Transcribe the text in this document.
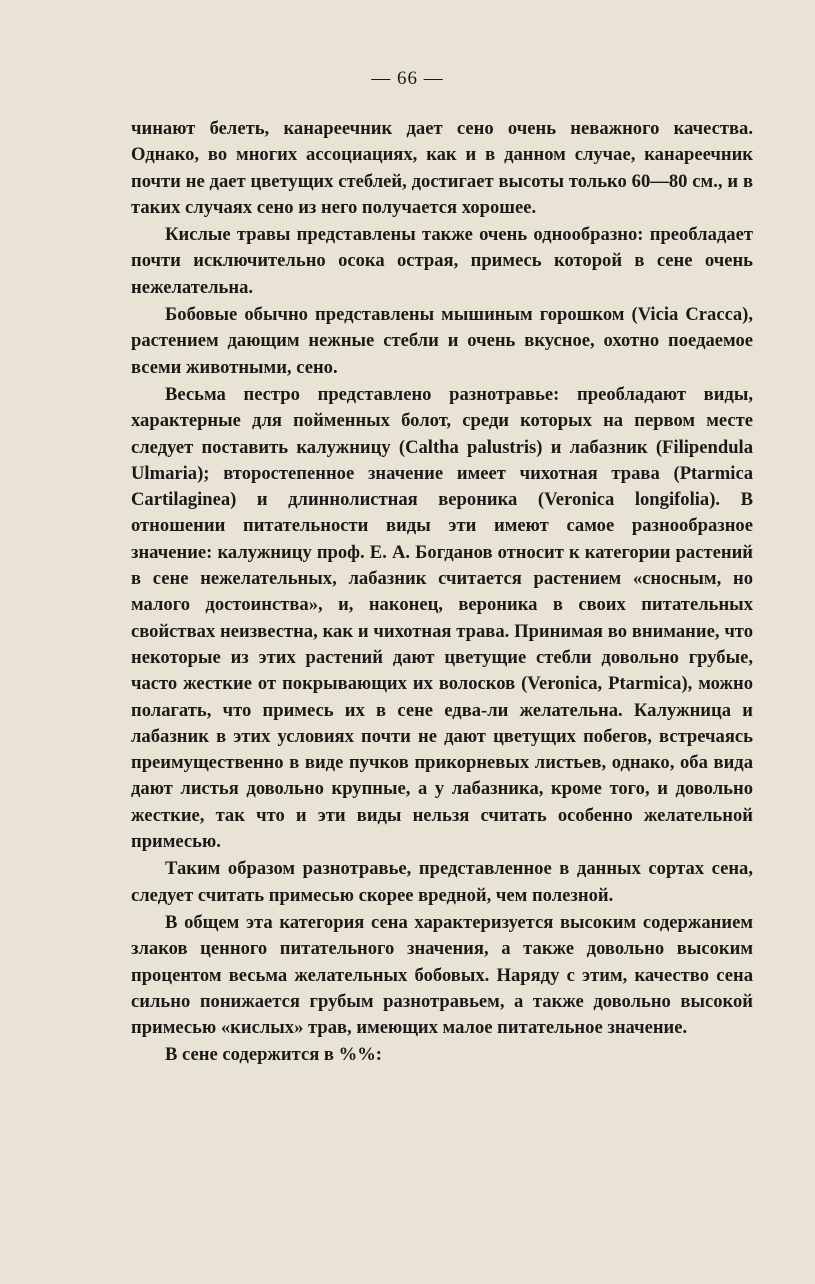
— 66 —

чинают белеть, канареечник дает сено очень неважного качества. Однако, во многих ассоциациях, как и в данном случае, канареечник почти не дает цветущих стеблей, достигает высоты только 60—80 см., и в таких случаях сено из него получается хорошее.

Кислые травы представлены также очень однообразно: преобладает почти исключительно осока острая, примесь которой в сене очень нежелательна.

Бобовые обычно представлены мышиным горошком (Vicia Cracca), растением дающим нежные стебли и очень вкусное, охотно поедаемое всеми животными, сено.

Весьма пестро представлено разнотравье: преобладают виды, характерные для пойменных болот, среди которых на первом месте следует поставить калужницу (Caltha palustris) и лабазник (Filipendula Ulmaria); второстепенное значение имеет чихотная трава (Ptarmica Cartilaginea) и длиннолистная вероника (Veronica longifolia). В отношении питательности виды эти имеют самое разнообразное значение: калужницу проф. Е. А. Богданов относит к категории растений в сене нежелательных, лабазник считается растением «сносным, но малого достоинства», и, наконец, вероника в своих питательных свойствах неизвестна, как и чихотная трава. Принимая во внимание, что некоторые из этих растений дают цветущие стебли довольно грубые, часто жесткие от покрывающих их волосков (Veronica, Ptarmica), можно полагать, что примесь их в сене едва-ли желательна. Калужница и лабазник в этих условиях почти не дают цветущих побегов, встречаясь преимущественно в виде пучков прикорневых листьев, однако, оба вида дают листья довольно крупные, а у лабазника, кроме того, и довольно жесткие, так что и эти виды нельзя считать особенно желательной примесью.

Таким образом разнотравье, представленное в данных сортах сена, следует считать примесью скорее вредной, чем полезной.

В общем эта категория сена характеризуется высоким содержанием злаков ценного питательного значения, а также довольно высоким процентом весьма желательных бобовых. Наряду с этим, качество сена сильно понижается грубым разнотравьем, а также довольно высокой примесью «кислых» трав, имеющих малое питательное значение.

В сене содержится в %%:
